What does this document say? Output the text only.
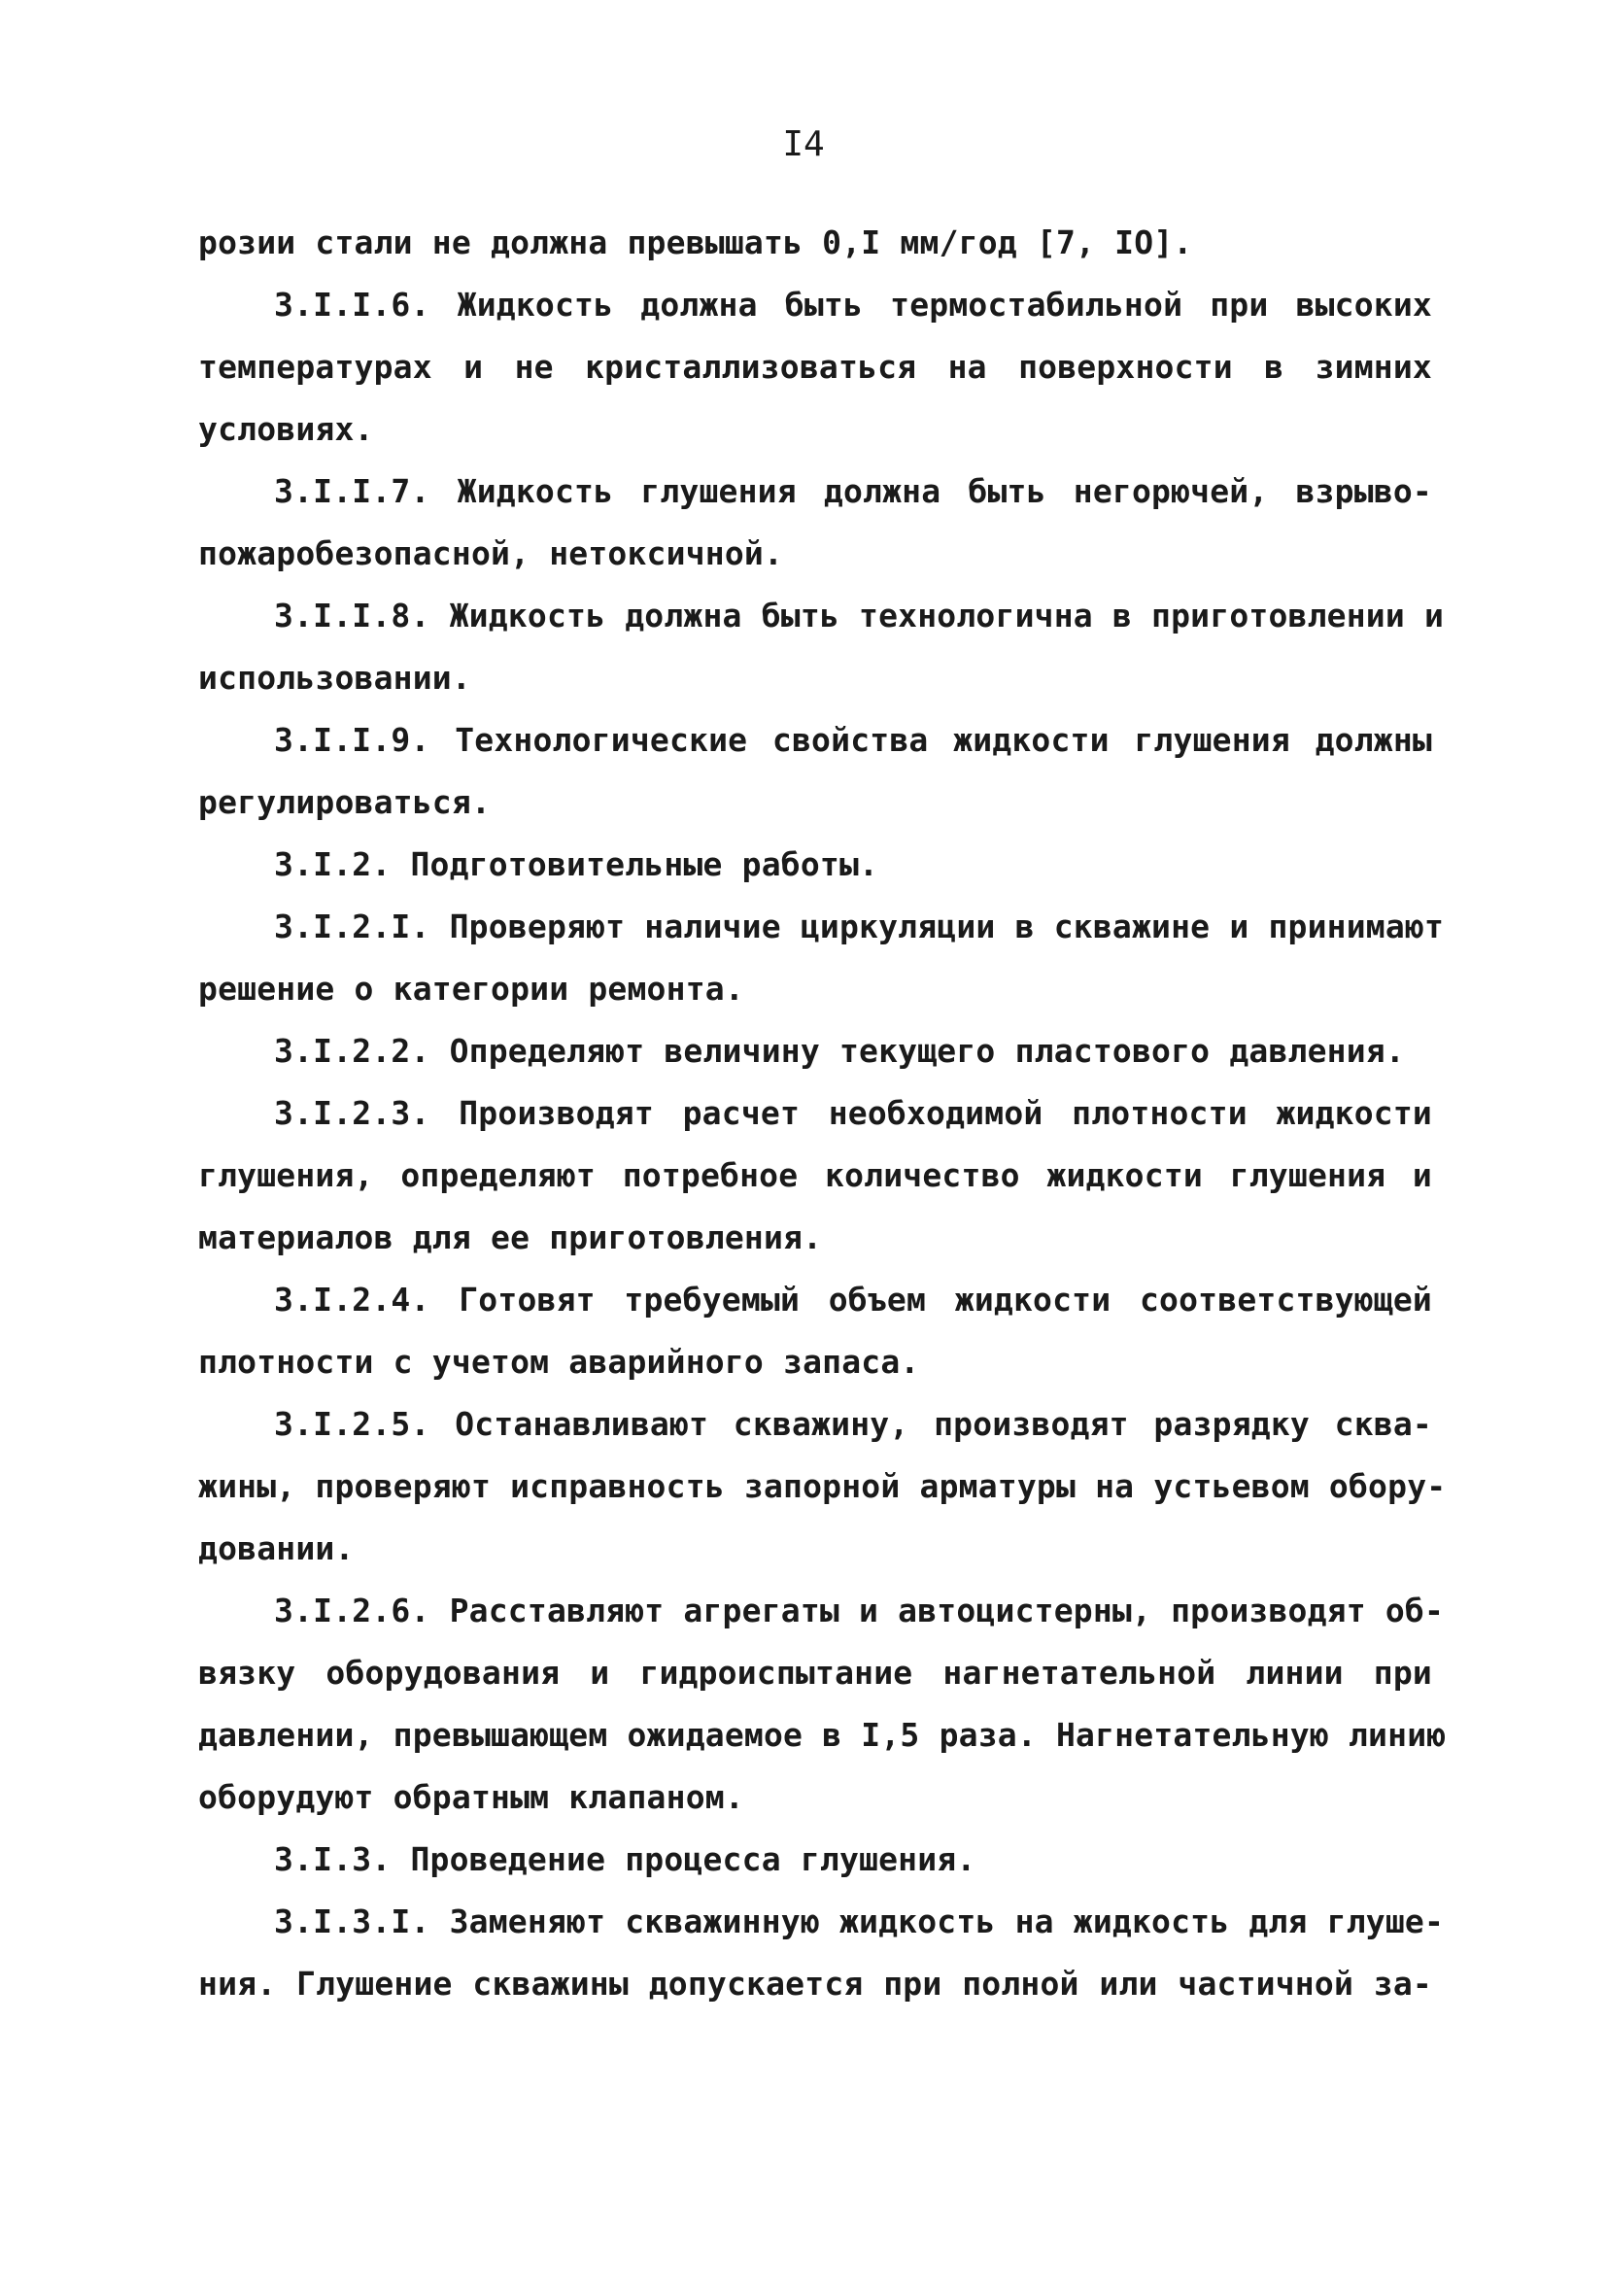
I4
розии стали не должна превышать 0,I мм/год [7, IO].
3.I.I.6. Жидкость должна быть термостабильной при высоких
температурах и не кристаллизоваться на поверхности в зимних
условиях.
3.I.I.7. Жидкость глушения должна быть негорючей, взрыво-
пожаробезопасной, нетоксичной.
3.I.I.8. Жидкость должна быть технологична в приготовлении и
использовании.
3.I.I.9. Технологические свойства жидкости глушения должны
регулироваться.
3.I.2. Подготовительные работы.
3.I.2.I. Проверяют наличие циркуляции в скважине и принимают
решение о категории ремонта.
3.I.2.2. Определяют величину текущего пластового давления.
3.I.2.3. Производят расчет необходимой плотности жидкости
глушения, определяют потребное количество жидкости глушения и
материалов для ее приготовления.
3.I.2.4. Готовят требуемый объем жидкости соответствующей
плотности с учетом аварийного запаса.
3.I.2.5. Останавливают скважину, производят разрядку сква-
жины, проверяют исправность запорной арматуры на устьевом обору-
довании.
3.I.2.6. Расставляют агрегаты и автоцистерны, производят об-
вязку оборудования и гидроиспытание нагнетательной линии при
давлении, превышающем ожидаемое в I,5 раза. Нагнетательную линию
оборудуют обратным клапаном.
3.I.3. Проведение процесса глушения.
3.I.3.I. Заменяют скважинную жидкость на жидкость для глуше-
ния. Глушение скважины допускается при полной или частичной за-
